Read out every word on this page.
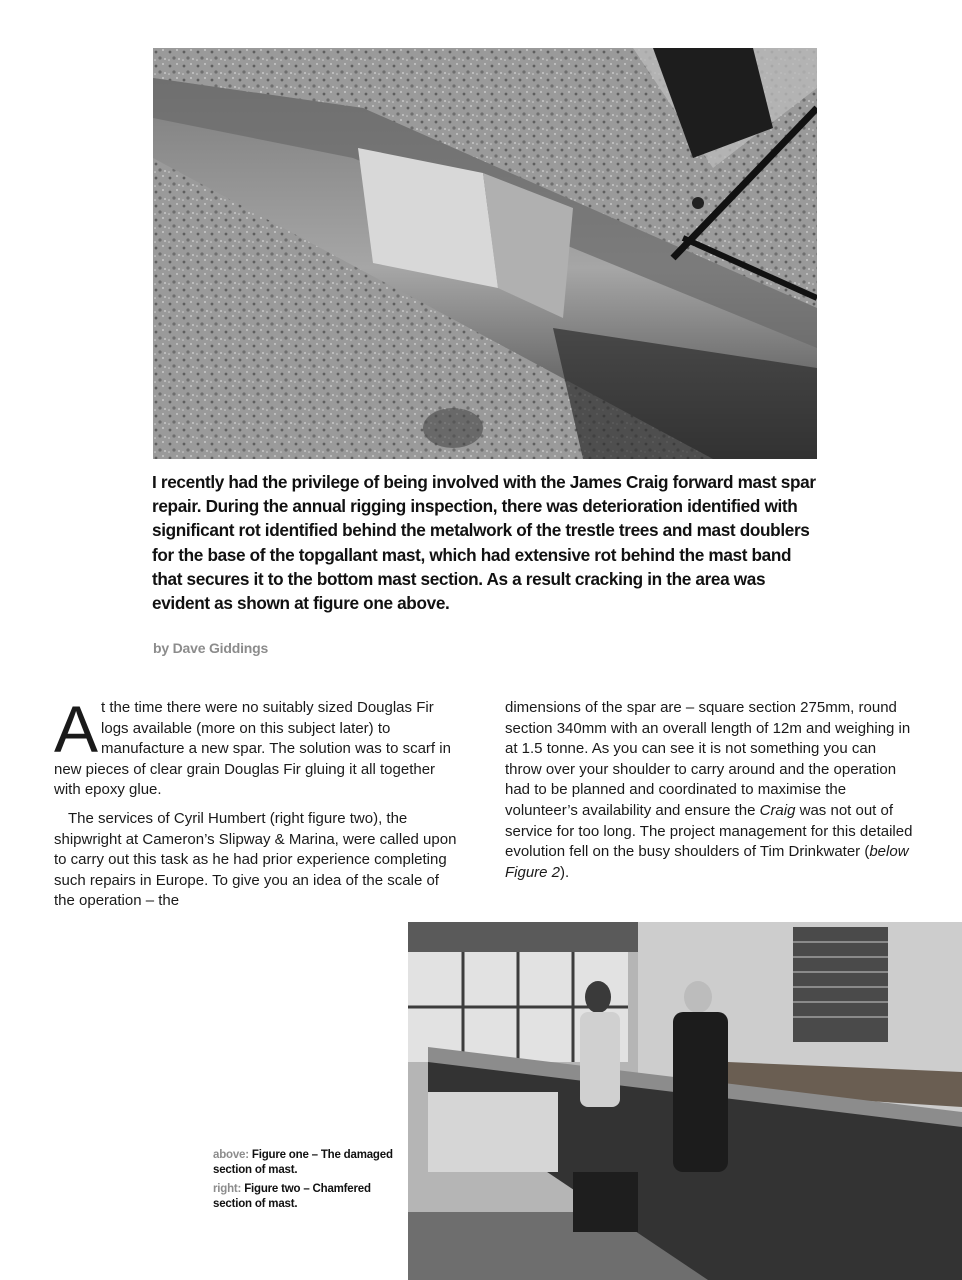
I recently had the privilege of being involved with the James Craig forward mast spar repair. During the annual rigging inspection, there was deterioration identified with significant rot identified behind the metalwork of the trestle trees and mast doublers for the base of the topgallant mast, which had extensive rot behind the mast band that secures it to the bottom mast section. As a result cracking in the area was evident as shown at figure one above.
by Dave Giddings

At the time there were no suitably sized Douglas Fir logs available (more on this subject later) to manufacture a new spar. The solution was to scarf in new pieces of clear grain Douglas Fir gluing it all together with epoxy glue.

The services of Cyril Humbert (right figure two), the shipwright at Cameron’s Slipway & Marina, were called upon to carry out this task as he had prior experience completing such repairs in Europe. To give you an idea of the scale of the operation – the

dimensions of the spar are – square section 275mm, round section 340mm with an overall length of 12m and weighing in at 1.5 tonne. As you can see it is not something you can throw over your shoulder to carry around and the operation had to be planned and coordinated to maximise the volunteer’s availability and ensure the Craig was not out of service for too long. The project management for this detailed evolution fell on the busy shoulders of Tim Drinkwater (below Figure 2).

above: Figure one – The damaged section of mast.

right: Figure two – Chamfered section of mast.
